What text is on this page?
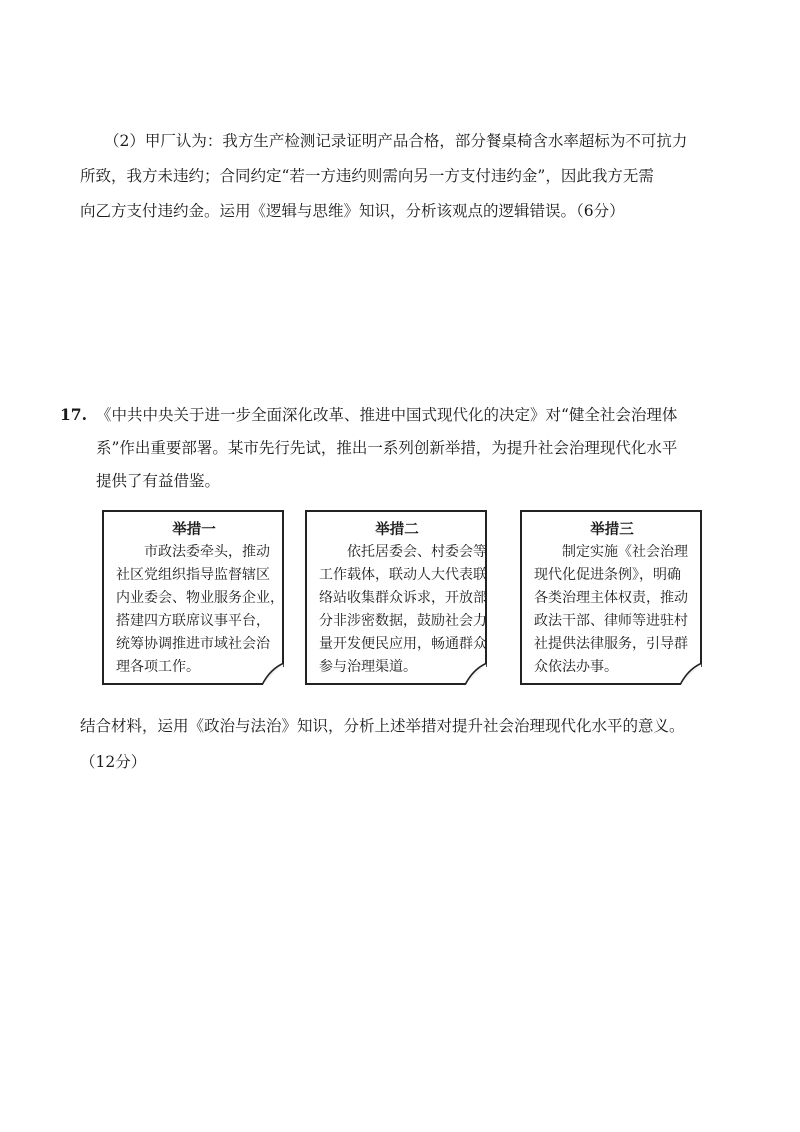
（2）甲厂认为：我方生产检测记录证明产品合格，部分餐桌椅含水率超标为不可抗力
所致，我方未违约；合同约定“若一方违约则需向另一方支付违约金”，因此我方无需
向乙方支付违约金。运用《逻辑与思维》知识，分析该观点的逻辑错误。（6分）
17. 《中共中央关于进一步全面深化改革、推进中国式现代化的决定》对“健全社会治理体
系”作出重要部署。某市先行先试，推出一系列创新举措，为提升社会治理现代化水平
提供了有益借鉴。
举措一
市政法委牵头，推动
社区党组织指导监督辖区
内业委会、物业服务企业，
搭建四方联席议事平台，
统筹协调推进市域社会治
理各项工作。
举措二
依托居委会、村委会等
工作载体，联动人大代表联
络站收集群众诉求，开放部
分非涉密数据，鼓励社会力
量开发便民应用，畅通群众
参与治理渠道。
举措三
制定实施《社会治理
现代化促进条例》，明确
各类治理主体权责，推动
政法干部、律师等进驻村
社提供法律服务，引导群
众依法办事。
结合材料，运用《政治与法治》知识，分析上述举措对提升社会治理现代化水平的意义。
（12分）
